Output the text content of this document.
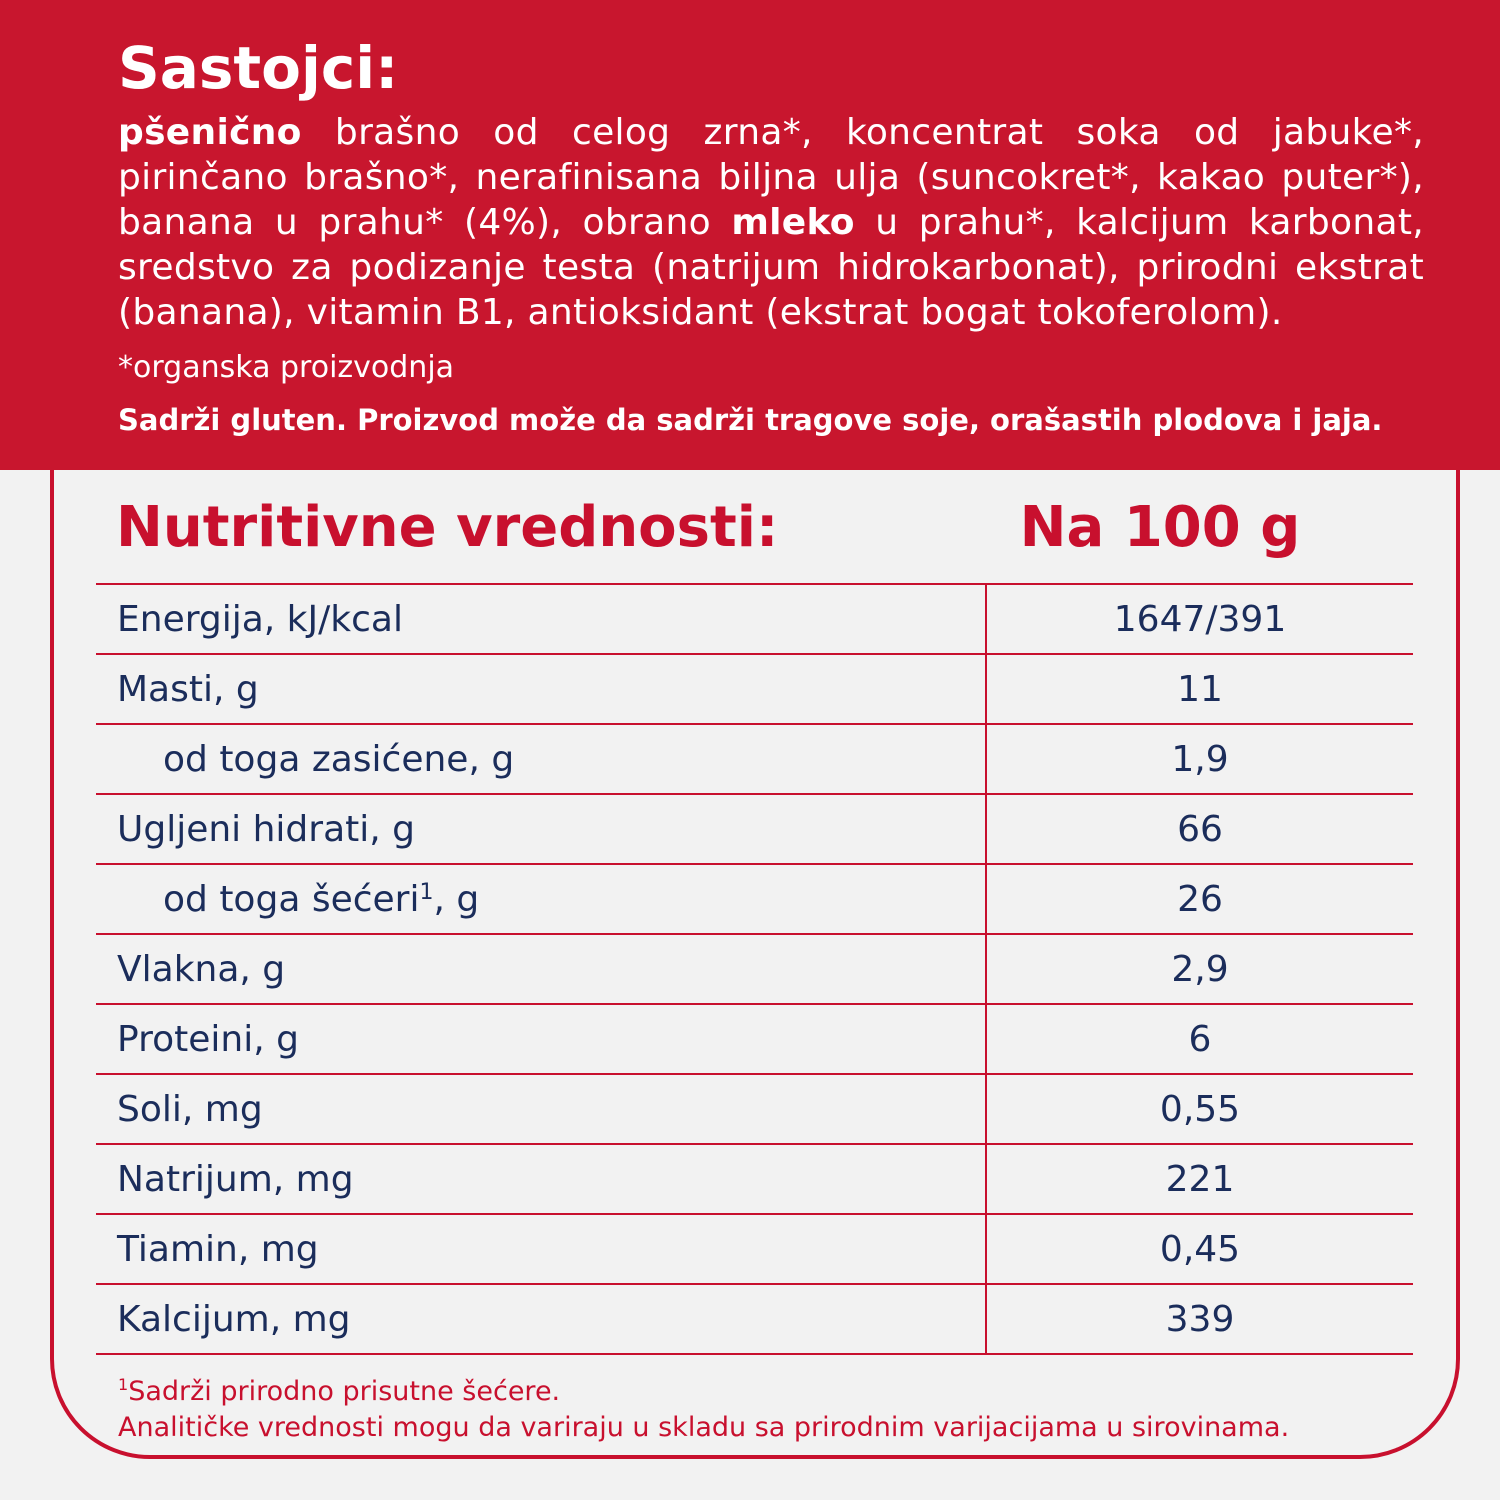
Sastojci:

pšenično brašno od celog zrna*, koncentrat soka od jabuke*, pirinčano brašno*, nerafinisana biljna ulja (suncokret*, kakao puter*), banana u prahu* (4%), obrano mleko u prahu*, kalcijum karbonat, sredstvo za podizanje testa (natrijum hidrokarbonat), prirodni ekstrat (banana), vitamin B1, antioksidant (ekstrat bogat tokoferolom).

*organska proizvodnja

Sadrži gluten. Proizvod može da sadrži tragove soje, orašastih plodova i jaja.

Nutritivne vrednosti:	Na 100 g
Energija, kJ/kcal	1647/391
Masti, g	11
od toga zasićene, g	1,9
Ugljeni hidrati, g	66
od toga šećeri$^1$, g	26
Vlakna, g	2,9
Proteini, g	6
Soli, mg	0,55
Natrijum, mg	221
Tiamin, mg	0,45
Kalcijum, mg	339
$^1$Sadrži prirodno prisutne šećere.
Analitičke vrednosti mogu da variraju u skladu sa prirodnim varijacijama u sirovinama.
